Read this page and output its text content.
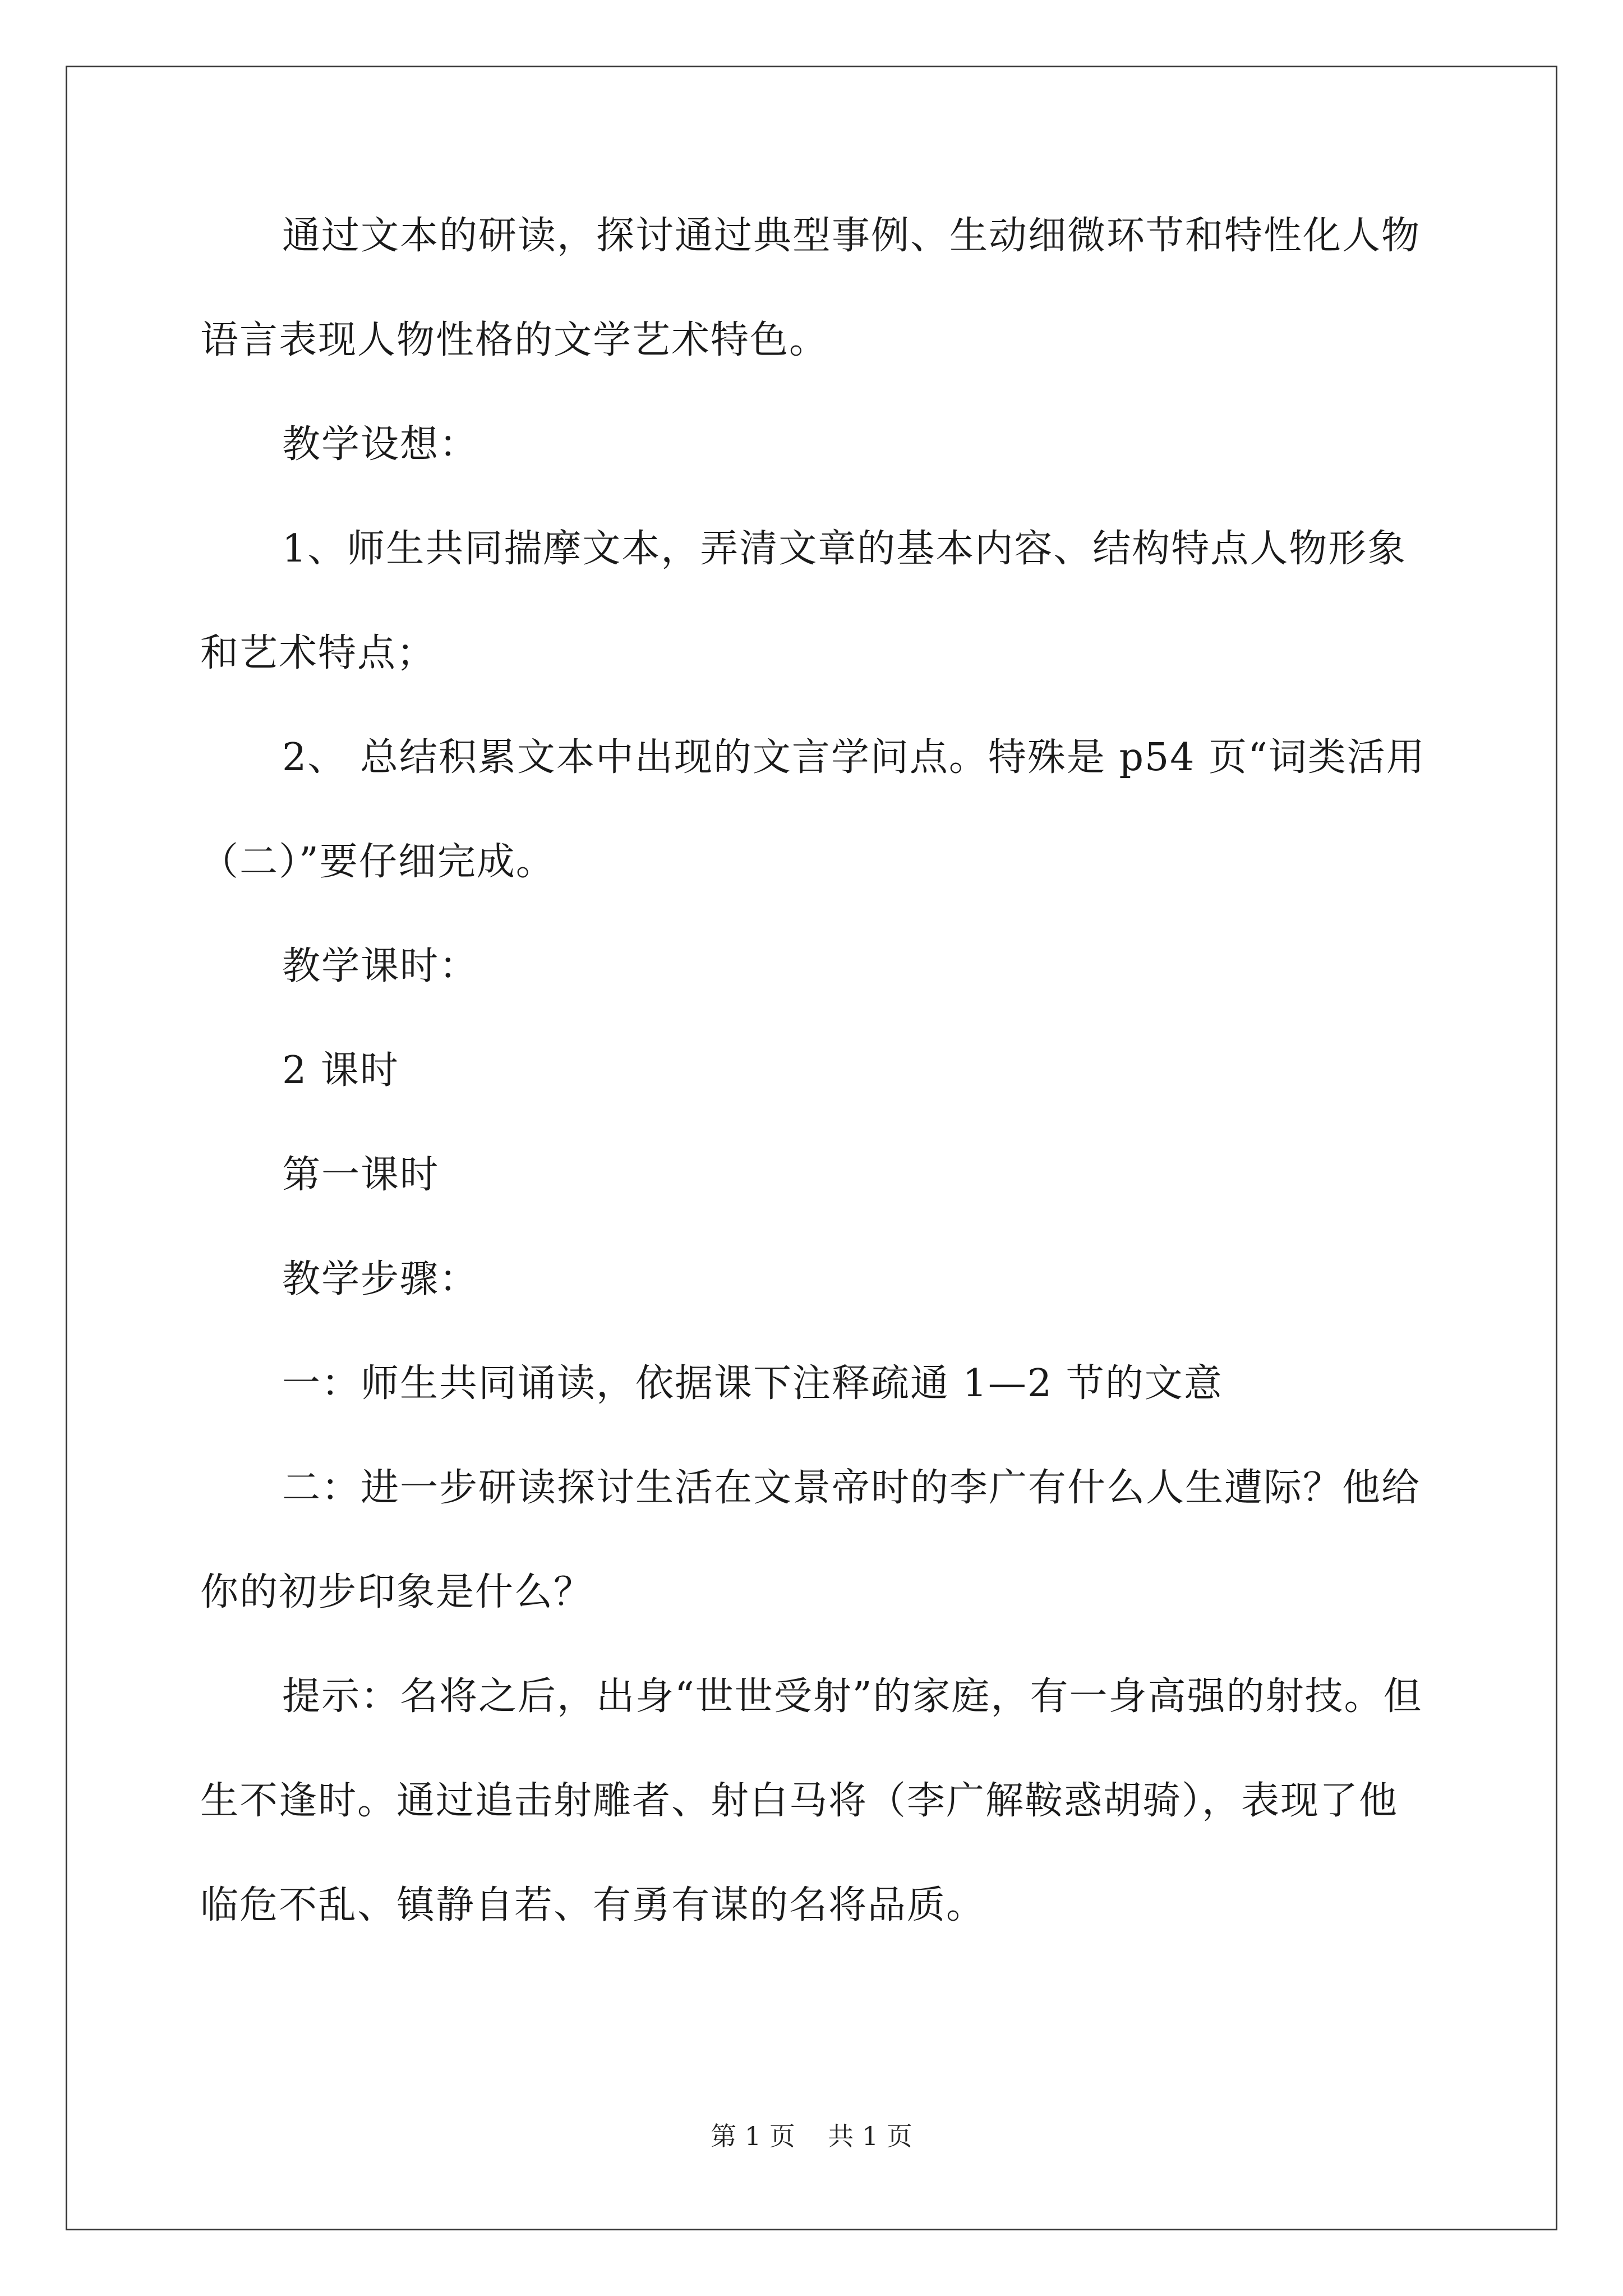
通过文本的研读，探讨通过典型事例、生动细微环节和特性化人物语言表现人物性格的文学艺术特色。

教学设想：

1、师生共同揣摩文本，弄清文章的基本内容、结构特点人物形象和艺术特点；

2、 总结积累文本中出现的文言学问点。特殊是 p54 页“词类活用（二）”要仔细完成。

教学课时：

2 课时

第一课时

教学步骤：

一：师生共同诵读，依据课下注释疏通 1—2 节的文意

二：进一步研读探讨生活在文景帝时的李广有什么人生遭际？他给你的初步印象是什么？

提示：名将之后，出身“世世受射”的家庭，有一身高强的射技。但生不逢时。通过追击射雕者、射白马将（李广解鞍惑胡骑），表现了他临危不乱、镇静自若、有勇有谋的名将品质。

第 1 页 共 1 页
